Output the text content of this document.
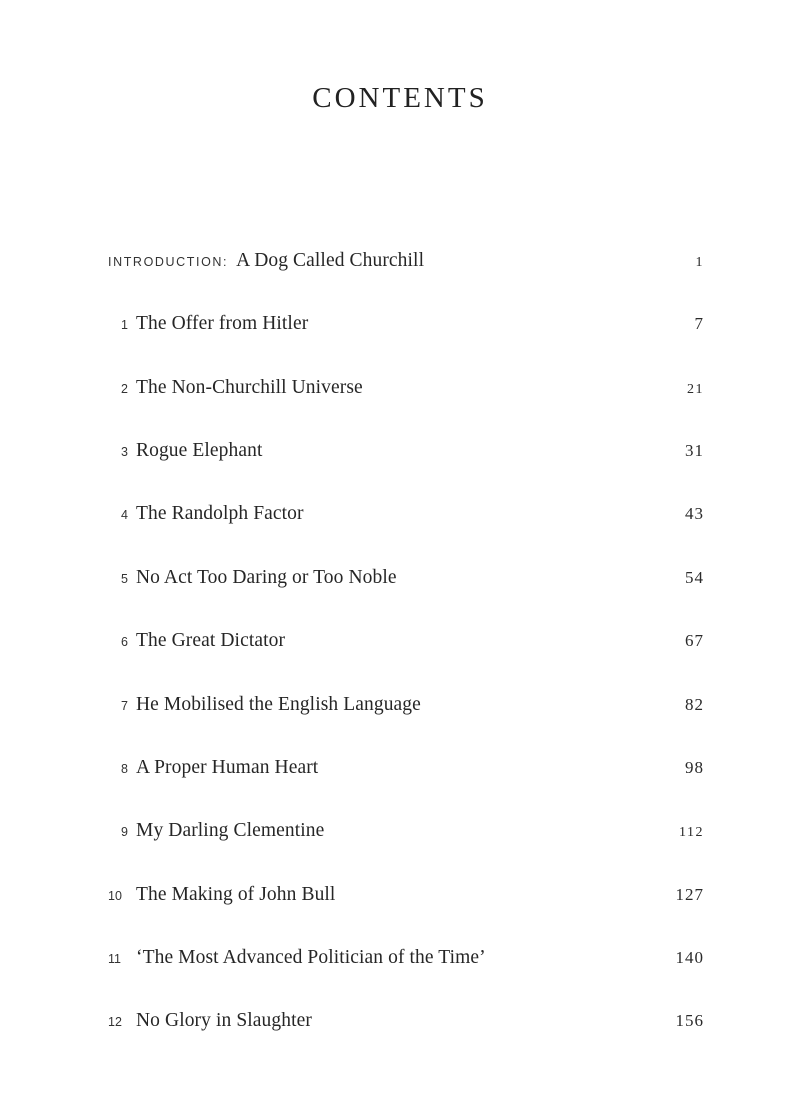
CONTENTS
INTRODUCTION: A Dog Called Churchill	1
1 The Offer from Hitler	7
2 The Non-Churchill Universe	21
3 Rogue Elephant	31
4 The Randolph Factor	43
5 No Act Too Daring or Too Noble	54
6 The Great Dictator	67
7 He Mobilised the English Language	82
8 A Proper Human Heart	98
9 My Darling Clementine	112
10 The Making of John Bull	127
11 ‘The Most Advanced Politician of the Time’	140
12 No Glory in Slaughter	156
